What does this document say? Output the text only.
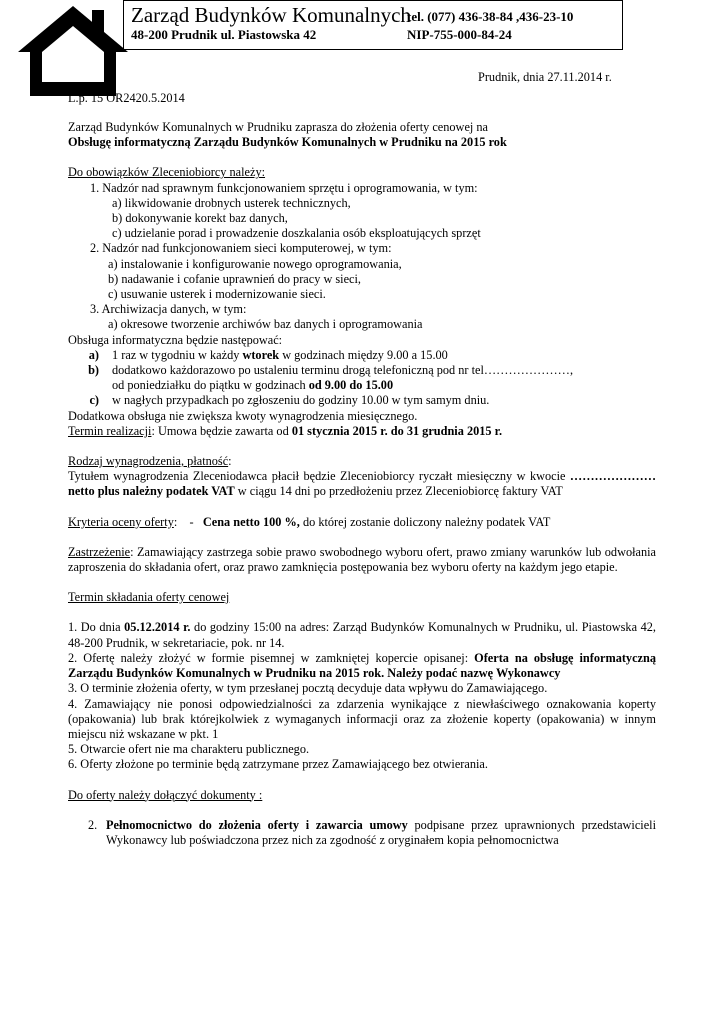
Zarząd Budynków Komunalnych
tel. (077) 436-38-84 ,436-23-10
48-200 Prudnik ul. Piastowska 42	NIP-755-000-84-24
Prudnik, dnia 27.11.2014 r.
L.p. 15 OR2420.5.2014

Zarząd Budynków Komunalnych w Prudniku zaprasza do złożenia oferty cenowej na

Obsługę informatyczną Zarządu Budynków Komunalnych w Prudniku na 2015 rok

Do obowiązków Zleceniobiorcy należy:

1. Nadzór nad sprawnym funkcjonowaniem sprzętu i oprogramowania, w tym:

a) likwidowanie drobnych usterek technicznych,

b) dokonywanie korekt baz danych,

c) udzielanie porad i prowadzenie doszkalania osób eksploatujących sprzęt

2. Nadzór nad funkcjonowaniem sieci komputerowej, w tym:

a) instalowanie i konfigurowanie nowego oprogramowania,

b) nadawanie i cofanie uprawnień do pracy w sieci,

c) usuwanie usterek i modernizowanie sieci.

3. Archiwizacja danych, w tym:

a) okresowe tworzenie archiwów baz danych i oprogramowania

Obsługa informatyczna będzie następować:

a)	1 raz w tygodniu w każdy wtorek w godzinach między 9.00 a 15.00
b)	dodatkowo każdorazowo po ustaleniu terminu drogą telefoniczną pod nr tel…………………,
od poniedziałku do piątku w godzinach od 9.00 do 15.00
c)	w nagłych przypadkach po zgłoszeniu do godziny 10.00 w tym samym dniu.

Dodatkowa obsługa nie zwiększa kwoty wynagrodzenia miesięcznego.

Termin realizacji: Umowa będzie zawarta od 01 stycznia 2015 r. do 31 grudnia 2015 r.

Rodzaj wynagrodzenia, płatność:

Tytułem wynagrodzenia Zleceniodawca płacił będzie Zleceniobiorcy ryczałt miesięczny w kwocie …………………netto plus należny podatek VAT w ciągu 14 dni po przedłożeniu przez Zleceniobiorcę faktury VAT

Kryteria oceny oferty:    -   Cena netto 100 %, do której zostanie doliczony należny podatek VAT

Zastrzeżenie: Zamawiający zastrzega sobie prawo swobodnego wyboru ofert, prawo zmiany warunków lub odwołania zaproszenia do składania ofert, oraz prawo zamknięcia postępowania bez wyboru oferty na każdym jego etapie.

Termin składania oferty cenowej

1. Do dnia 05.12.2014 r. do godziny 15:00 na adres: Zarząd Budynków Komunalnych w Prudniku, ul. Piastowska 42, 48-200 Prudnik, w sekretariacie, pok. nr 14.

2. Ofertę należy złożyć w formie pisemnej w zamkniętej kopercie opisanej: Oferta na obsługę informatyczną Zarządu Budynków Komunalnych w Prudniku na 2015 rok. Należy podać nazwę Wykonawcy

3. O terminie złożenia oferty, w tym przesłanej pocztą decyduje data wpływu do Zamawiającego.

4. Zamawiający nie ponosi odpowiedzialności za zdarzenia wynikające z niewłaściwego oznakowania koperty (opakowania) lub brak którejkolwiek z wymaganych informacji oraz za złożenie koperty (opakowania) w innym miejscu niż wskazane w pkt. 1

5. Otwarcie ofert nie ma charakteru publicznego.

6. Oferty złożone po terminie będą zatrzymane przez Zamawiającego bez otwierania.

Do oferty należy dołączyć dokumenty :

2. Pełnomocnictwo do złożenia oferty i zawarcia umowy podpisane przez uprawnionych przedstawicieli Wykonawcy lub poświadczona przez nich za zgodność z oryginałem kopia pełnomocnictwa
